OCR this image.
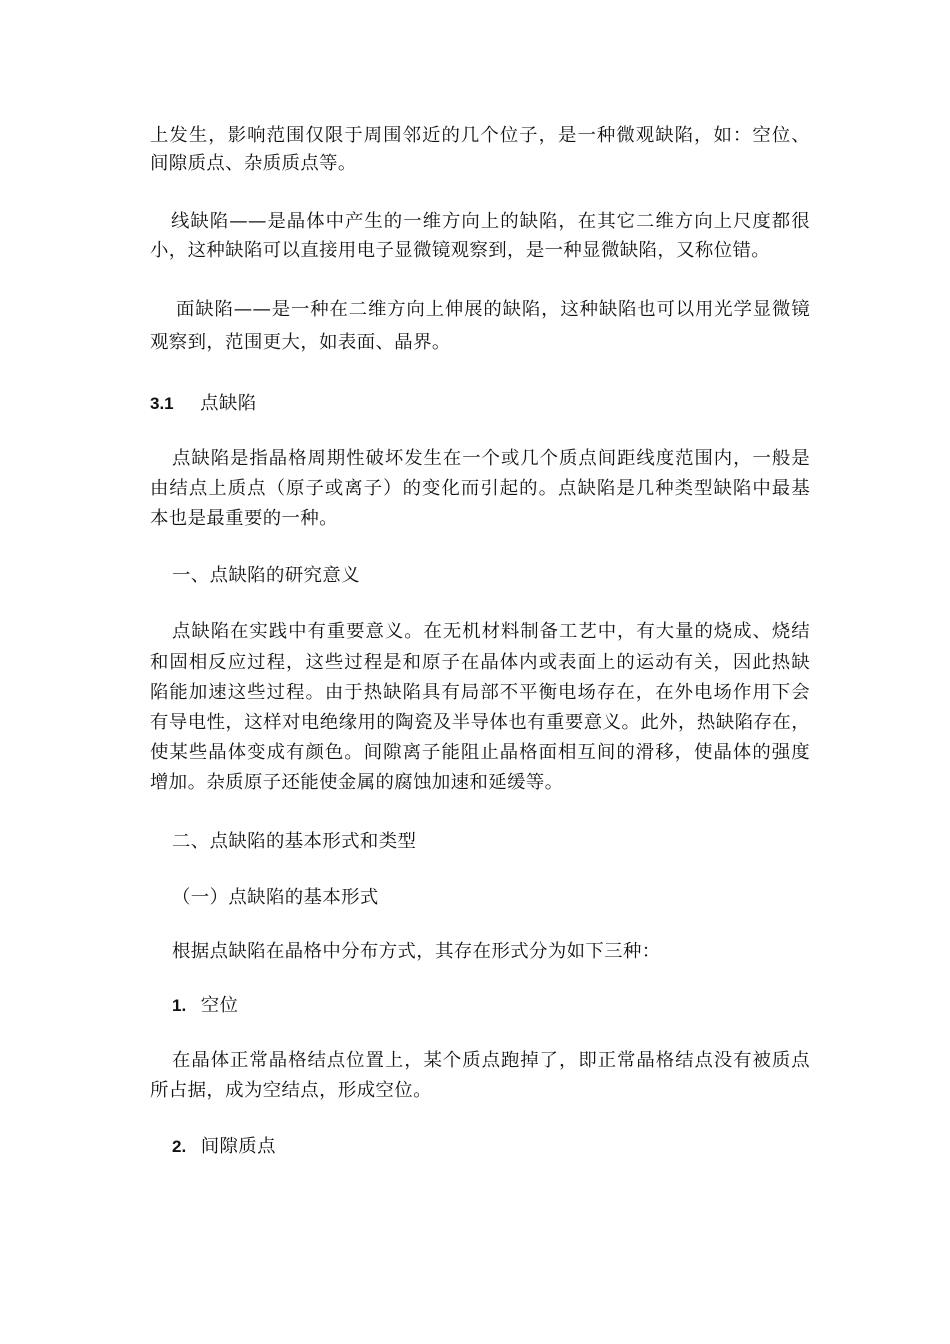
上发生，影响范围仅限于周围邻近的几个位子，是一种微观缺陷，如：空位、
间隙质点、杂质质点等。
线缺陷——是晶体中产生的一维方向上的缺陷，在其它二维方向上尺度都很
小，这种缺陷可以直接用电子显微镜观察到，是一种显微缺陷，又称位错。
面缺陷——是一种在二维方向上伸展的缺陷，这种缺陷也可以用光学显微镜
观察到，范围更大，如表面、晶界。
3.1 点缺陷
点缺陷是指晶格周期性破坏发生在一个或几个质点间距线度范围内，一般是
由结点上质点（原子或离子）的变化而引起的。点缺陷是几种类型缺陷中最基
本也是最重要的一种。
一、点缺陷的研究意义
点缺陷在实践中有重要意义。在无机材料制备工艺中，有大量的烧成、烧结
和固相反应过程，这些过程是和原子在晶体内或表面上的运动有关，因此热缺
陷能加速这些过程。由于热缺陷具有局部不平衡电场存在，在外电场作用下会
有导电性，这样对电绝缘用的陶瓷及半导体也有重要意义。此外，热缺陷存在，
使某些晶体变成有颜色。间隙离子能阻止晶格面相互间的滑移，使晶体的强度
增加。杂质原子还能使金属的腐蚀加速和延缓等。
二、点缺陷的基本形式和类型
（一）点缺陷的基本形式
根据点缺陷在晶格中分布方式，其存在形式分为如下三种：
1. 空位
在晶体正常晶格结点位置上，某个质点跑掉了，即正常晶格结点没有被质点
所占据，成为空结点，形成空位。
2. 间隙质点
